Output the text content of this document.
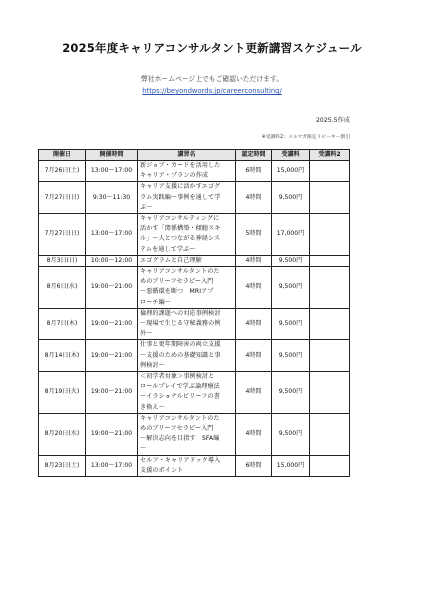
2025年度キャリアコンサルタント更新講習スケジュール
弊社ホームページ上でもご確認いただけます。
https://beyondwords.jp/careerconsulting/
2025.5作成
※受講料2：メルマガ限定リピーター割引
開催日	開催時間	講習名	認定時間	受講料	受講料2
7月26日(土)	13:00〜17:00	新ジョブ・カードを活用した
キャリア・プランの作成	6時間	15,000円	
7月27日(日)	9:30〜11:30	キャリア支援に活かすエゴグ
ラム実践編〜事例を通して学
ぶ〜	4時間	9,500円	
7月27日(日)	13:00〜17:00	キャリアコンサルティングに
活かす「関係構築・傾聴スキ
ル」〜人とつながる神経シス
テムを通して学ぶ〜	5時間	17,000円	
8月3日(日)	10:00〜12:00	エゴグラムと自己理解	4時間	9,500円	
8月6日(水)	19:00〜21:00	キャリアコンサルタントのた
めのブリーフセラピー入門
〜悪循環を断つ　MRIアプ
ローチ編〜	4時間	9,500円	
8月7日(木)	19:00〜21:00	倫理的課題への対応事例検討
〜現場で生じる守秘義務の例
外〜	4時間	9,500円	
8月14日(木)	19:00〜21:00	仕事と更年期障害の両立支援
〜支援のための基礎知識と事
例検討〜	4時間	9,500円	
8月19日(火)	19:00〜21:00	＜初学者対象＞事例検討と
ロールプレイで学ぶ論理療法
〜イラショナルビリーフの書
き換え〜	4時間	9,500円	
8月20日(水)	19:00〜21:00	キャリアコンサルタントのた
めのブリーフセラピー入門
〜解決志向を目指す　SFA編
〜	4時間	9,500円	
8月23日(土)	13:00〜17:00	セルフ・キャリアドック導入
支援のポイント	6時間	15,000円	
